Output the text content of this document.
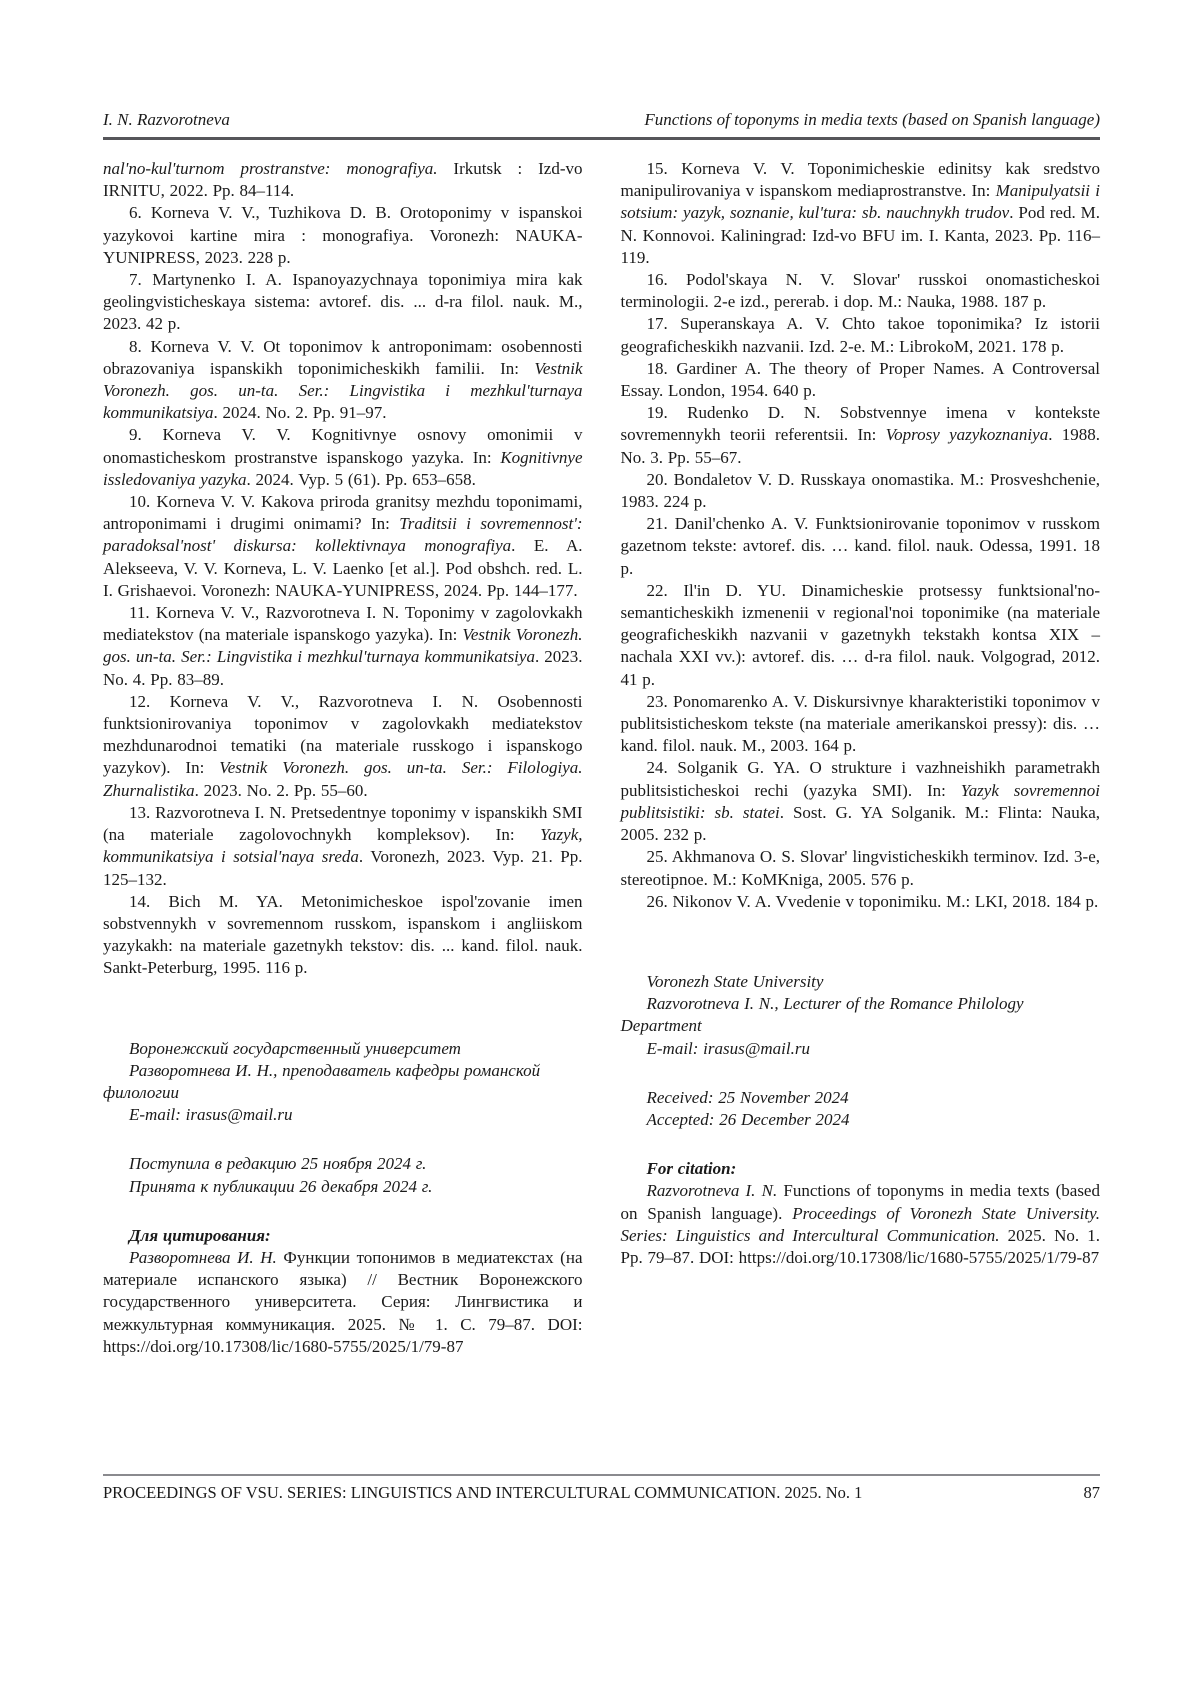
I. N. Razvorotneva	Functions of toponyms in media texts (based on Spanish language)

nal'no-kul'turnom prostranstve: monografiya. Irkutsk : Izd-vo IRNITU, 2022. Pp. 84–114.

6. Korneva V. V., Tuzhikova D. B. Orotoponimy v ispanskoi yazykovoi kartine mira : monografiya. Voronezh: NAUKA-YUNIPRESS, 2023. 228 p.

7. Martynenko I. A. Ispanoyazychnaya toponimiya mira kak geolingvisticheskaya sistema: avtoref. dis. ... d-ra filol. nauk. M., 2023. 42 p.

8. Korneva V. V. Ot toponimov k antroponimam: osobennosti obrazovaniya ispanskikh toponimicheskikh familii. In: Vestnik Voronezh. gos. un-ta. Ser.: Lingvistika i mezhkul'turnaya kommunikatsiya. 2024. No. 2. Pp. 91–97.

9. Korneva V. V. Kognitivnye osnovy omonimii v onomasticheskom prostranstve ispanskogo yazyka. In: Kognitivnye issledovaniya yazyka. 2024. Vyp. 5 (61). Pp. 653–658.

10. Korneva V. V. Kakova priroda granitsy mezhdu toponimami, antroponimami i drugimi onimami? In: Traditsii i sovremennost': paradoksal'nost' diskursa: kollektivnaya monografiya. E. A. Alekseeva, V. V. Korneva, L. V. Laenko [et al.]. Pod obshch. red. L. I. Grishaevoi. Voronezh: NAUKA-YUNIPRESS, 2024. Pp. 144–177.

11. Korneva V. V., Razvorotneva I. N. Toponimy v zagolovkakh mediatekstov (na materiale ispanskogo yazyka). In: Vestnik Voronezh. gos. un-ta. Ser.: Lingvistika i mezhkul'turnaya kommunikatsiya. 2023. No. 4. Pp. 83–89.

12. Korneva V. V., Razvorotneva I. N. Osobennosti funktsionirovaniya toponimov v zagolovkakh mediatekstov mezhdunarodnoi tematiki (na materiale russkogo i ispanskogo yazykov). In: Vestnik Voronezh. gos. un-ta. Ser.: Filologiya. Zhurnalistika. 2023. No. 2. Pp. 55–60.

13. Razvorotneva I. N. Pretsedentnye toponimy v ispanskikh SMI (na materiale zagolovochnykh kompleksov). In: Yazyk, kommunikatsiya i sotsial'naya sreda. Voronezh, 2023. Vyp. 21. Pp. 125–132.

14. Bich M. YA. Metonimicheskoe ispol'zovanie imen sobstvennykh v sovremennom russkom, ispanskom i angliiskom yazykakh: na materiale gazetnykh tekstov: dis. ... kand. filol. nauk. Sankt-Peterburg, 1995. 116 p.

Воронежский государственный университет

Разворотнева И. Н., преподаватель кафедры романской филологии

E-mail: irasus@mail.ru

Поступила в редакцию 25 ноября 2024 г.

Принята к публикации 26 декабря 2024 г.

Для цитирования:

Разворотнева И. Н. Функции топонимов в медиатекстах (на материале испанского языка) // Вестник Воронежского государственного университета. Серия: Лингвистика и межкультурная коммуникация. 2025. № 1. С. 79–87. DOI: https://doi.org/10.17308/lic/1680-5755/2025/1/79-87

15. Korneva V. V. Toponimicheskie edinitsy kak sredstvo manipulirovaniya v ispanskom mediaprostranstve. In: Manipulyatsii i sotsium: yazyk, soznanie, kul'tura: sb. nauchnykh trudov. Pod red. M. N. Konnovoi. Kaliningrad: Izd-vo BFU im. I. Kanta, 2023. Pp. 116–119.

16. Podol'skaya N. V. Slovar' russkoi onomasticheskoi terminologii. 2-e izd., pererab. i dop. M.: Nauka, 1988. 187 p.

17. Superanskaya A. V. Chto takoe toponimika? Iz istorii geograficheskikh nazvanii. Izd. 2-e. M.: LibrokoM, 2021. 178 p.

18. Gardiner A. The theory of Proper Names. A Controversal Essay. London, 1954. 640 p.

19. Rudenko D. N. Sobstvennye imena v kontekste sovremennykh teorii referentsii. In: Voprosy yazykoznaniya. 1988. No. 3. Pp. 55–67.

20. Bondaletov V. D. Russkaya onomastika. M.: Prosveshchenie, 1983. 224 p.

21. Danil'chenko A. V. Funktsionirovanie toponimov v russkom gazetnom tekste: avtoref. dis. … kand. filol. nauk. Odessa, 1991. 18 p.

22. Il'in D. YU. Dinamicheskie protsessy funktsional'no-semanticheskikh izmenenii v regional'noi toponimike (na materiale geograficheskikh nazvanii v gazetnykh tekstakh kontsa XIX – nachala XXI vv.): avtoref. dis. … d-ra filol. nauk. Volgograd, 2012. 41 p.

23. Ponomarenko A. V. Diskursivnye kharakteristiki toponimov v publitsisticheskom tekste (na materiale amerikanskoi pressy): dis. … kand. filol. nauk. M., 2003. 164 p.

24. Solganik G. YA. O strukture i vazhneishikh parametrakh publitsisticheskoi rechi (yazyka SMI). In: Yazyk sovremennoi publitsistiki: sb. statei. Sost. G. YA Solganik. M.: Flinta: Nauka, 2005. 232 p.

25. Akhmanova O. S. Slovar' lingvisticheskikh terminov. Izd. 3-e, stereotipnoe. M.: KoMKniga, 2005. 576 p.

26. Nikonov V. A. Vvedenie v toponimiku. M.: LKI, 2018. 184 p.

Voronezh State University

Razvorotneva I. N., Lecturer of the Romance Philology Department

E-mail: irasus@mail.ru

Received: 25 November 2024

Accepted: 26 December 2024

For citation:

Razvorotneva I. N. Functions of toponyms in media texts (based on Spanish language). Proceedings of Voronezh State University. Series: Linguistics and Intercultural Communication. 2025. No. 1. Pp. 79–87. DOI: https://doi.org/10.17308/lic/1680-5755/2025/1/79-87

PROCEEDINGS OF VSU. SERIES: LINGUISTICS AND INTERCULTURAL COMMUNICATION. 2025. No. 1	87
